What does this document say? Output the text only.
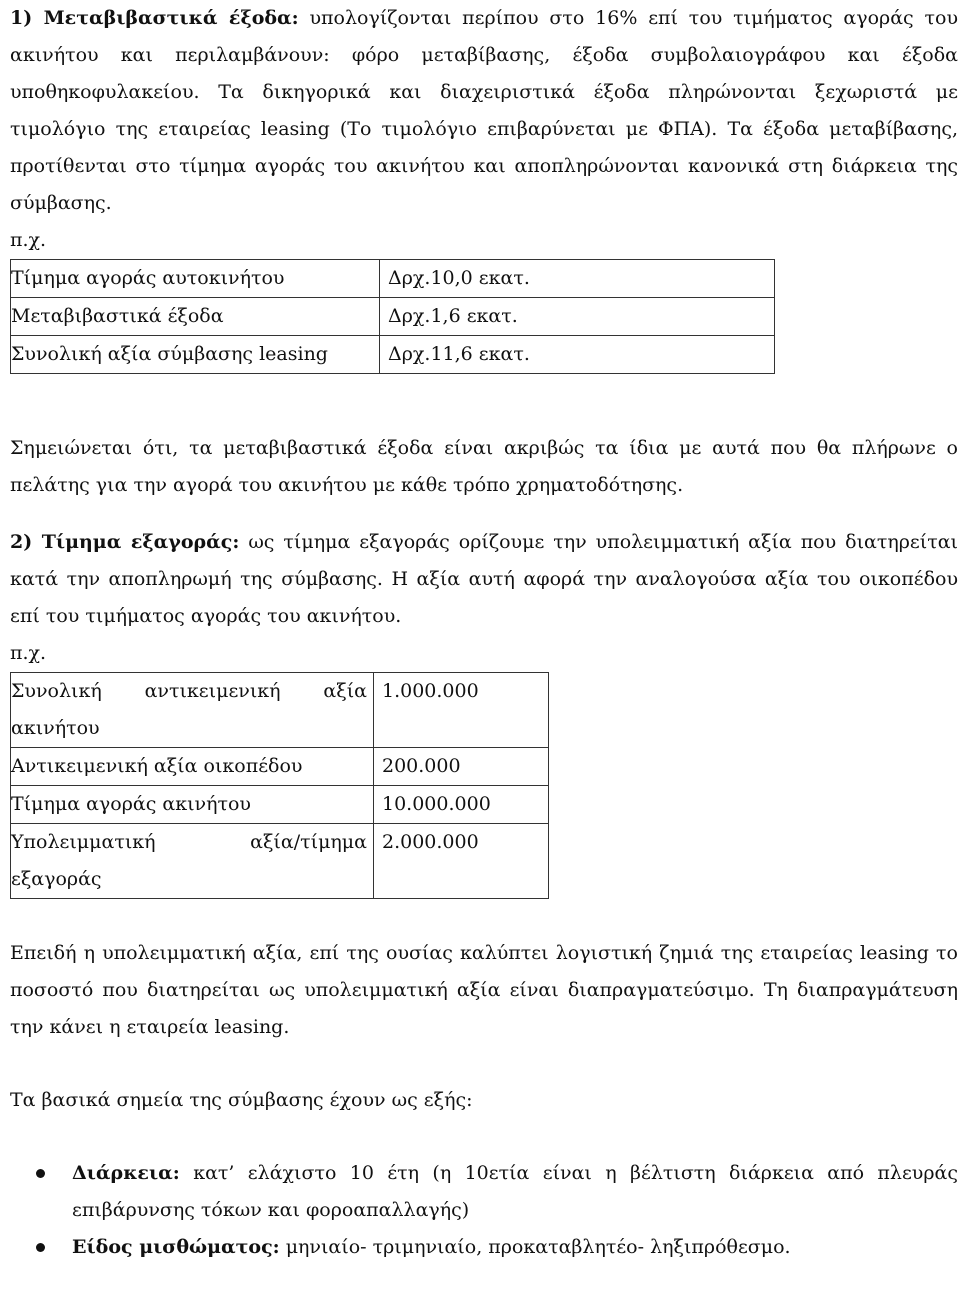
1) Μεταβιβαστικά έξοδα: υπολογίζονται περίπου στο 16% επί του τιμήματος αγοράς του ακινήτου και περιλαμβάνουν: φόρο μεταβίβασης, έξοδα συμβολαιογράφου και έξοδα υποθηκοφυλακείου. Τα δικηγορικά και διαχειριστικά έξοδα πληρώνονται ξεχωριστά με τιμολόγιο της εταιρείας leasing (Το τιμολόγιο επιβαρύνεται με ΦΠΑ). Τα έξοδα μεταβίβασης, προτίθενται στο τίμημα αγοράς του ακινήτου και αποπληρώνονται κανονικά στη διάρκεια της σύμβασης.

π.χ.

Τίμημα αγοράς αυτοκινήτου	Δρχ.10,0 εκατ.
Μεταβιβαστικά έξοδα	Δρχ.1,6 εκατ.
Συνολική αξία σύμβασης leasing	Δρχ.11,6 εκατ.

Σημειώνεται ότι, τα μεταβιβαστικά έξοδα είναι ακριβώς τα ίδια με αυτά που θα πλήρωνε ο πελάτης για την αγορά του ακινήτου με κάθε τρόπο χρηματοδότησης.

2) Τίμημα εξαγοράς: ως τίμημα εξαγοράς ορίζουμε την υπολειμματική αξία που διατηρείται κατά την αποπληρωμή της σύμβασης. Η αξία αυτή αφορά την αναλογούσα αξία του οικοπέδου επί του τιμήματος αγοράς του ακινήτου.

π.χ.

Συνολική αντικειμενική αξία
ακινήτου	1.000.000
Αντικειμενική αξία οικοπέδου	200.000
Τίμημα αγοράς ακινήτου	10.000.000

Υπολειμματική αξία/τίμημα
εξαγοράς	2.000.000

Επειδή η υπολειμματική αξία, επί της ουσίας καλύπτει λογιστική ζημιά της εταιρείας leasing το ποσοστό που διατηρείται ως υπολειμματική αξία είναι διαπραγματεύσιμο. Τη διαπραγμάτευση την κάνει η εταιρεία leasing.

Τα βασικά σημεία της σύμβασης έχουν ως εξής:

Διάρκεια: κατ’ ελάχιστο 10 έτη (η 10ετία είναι η βέλτιστη διάρκεια από πλευράς επιβάρυνσης τόκων και φοροαπαλλαγής)
Είδος μισθώματος: μηνιαίο- τριμηνιαίο, προκαταβλητέο- ληξιπρόθεσμο.
